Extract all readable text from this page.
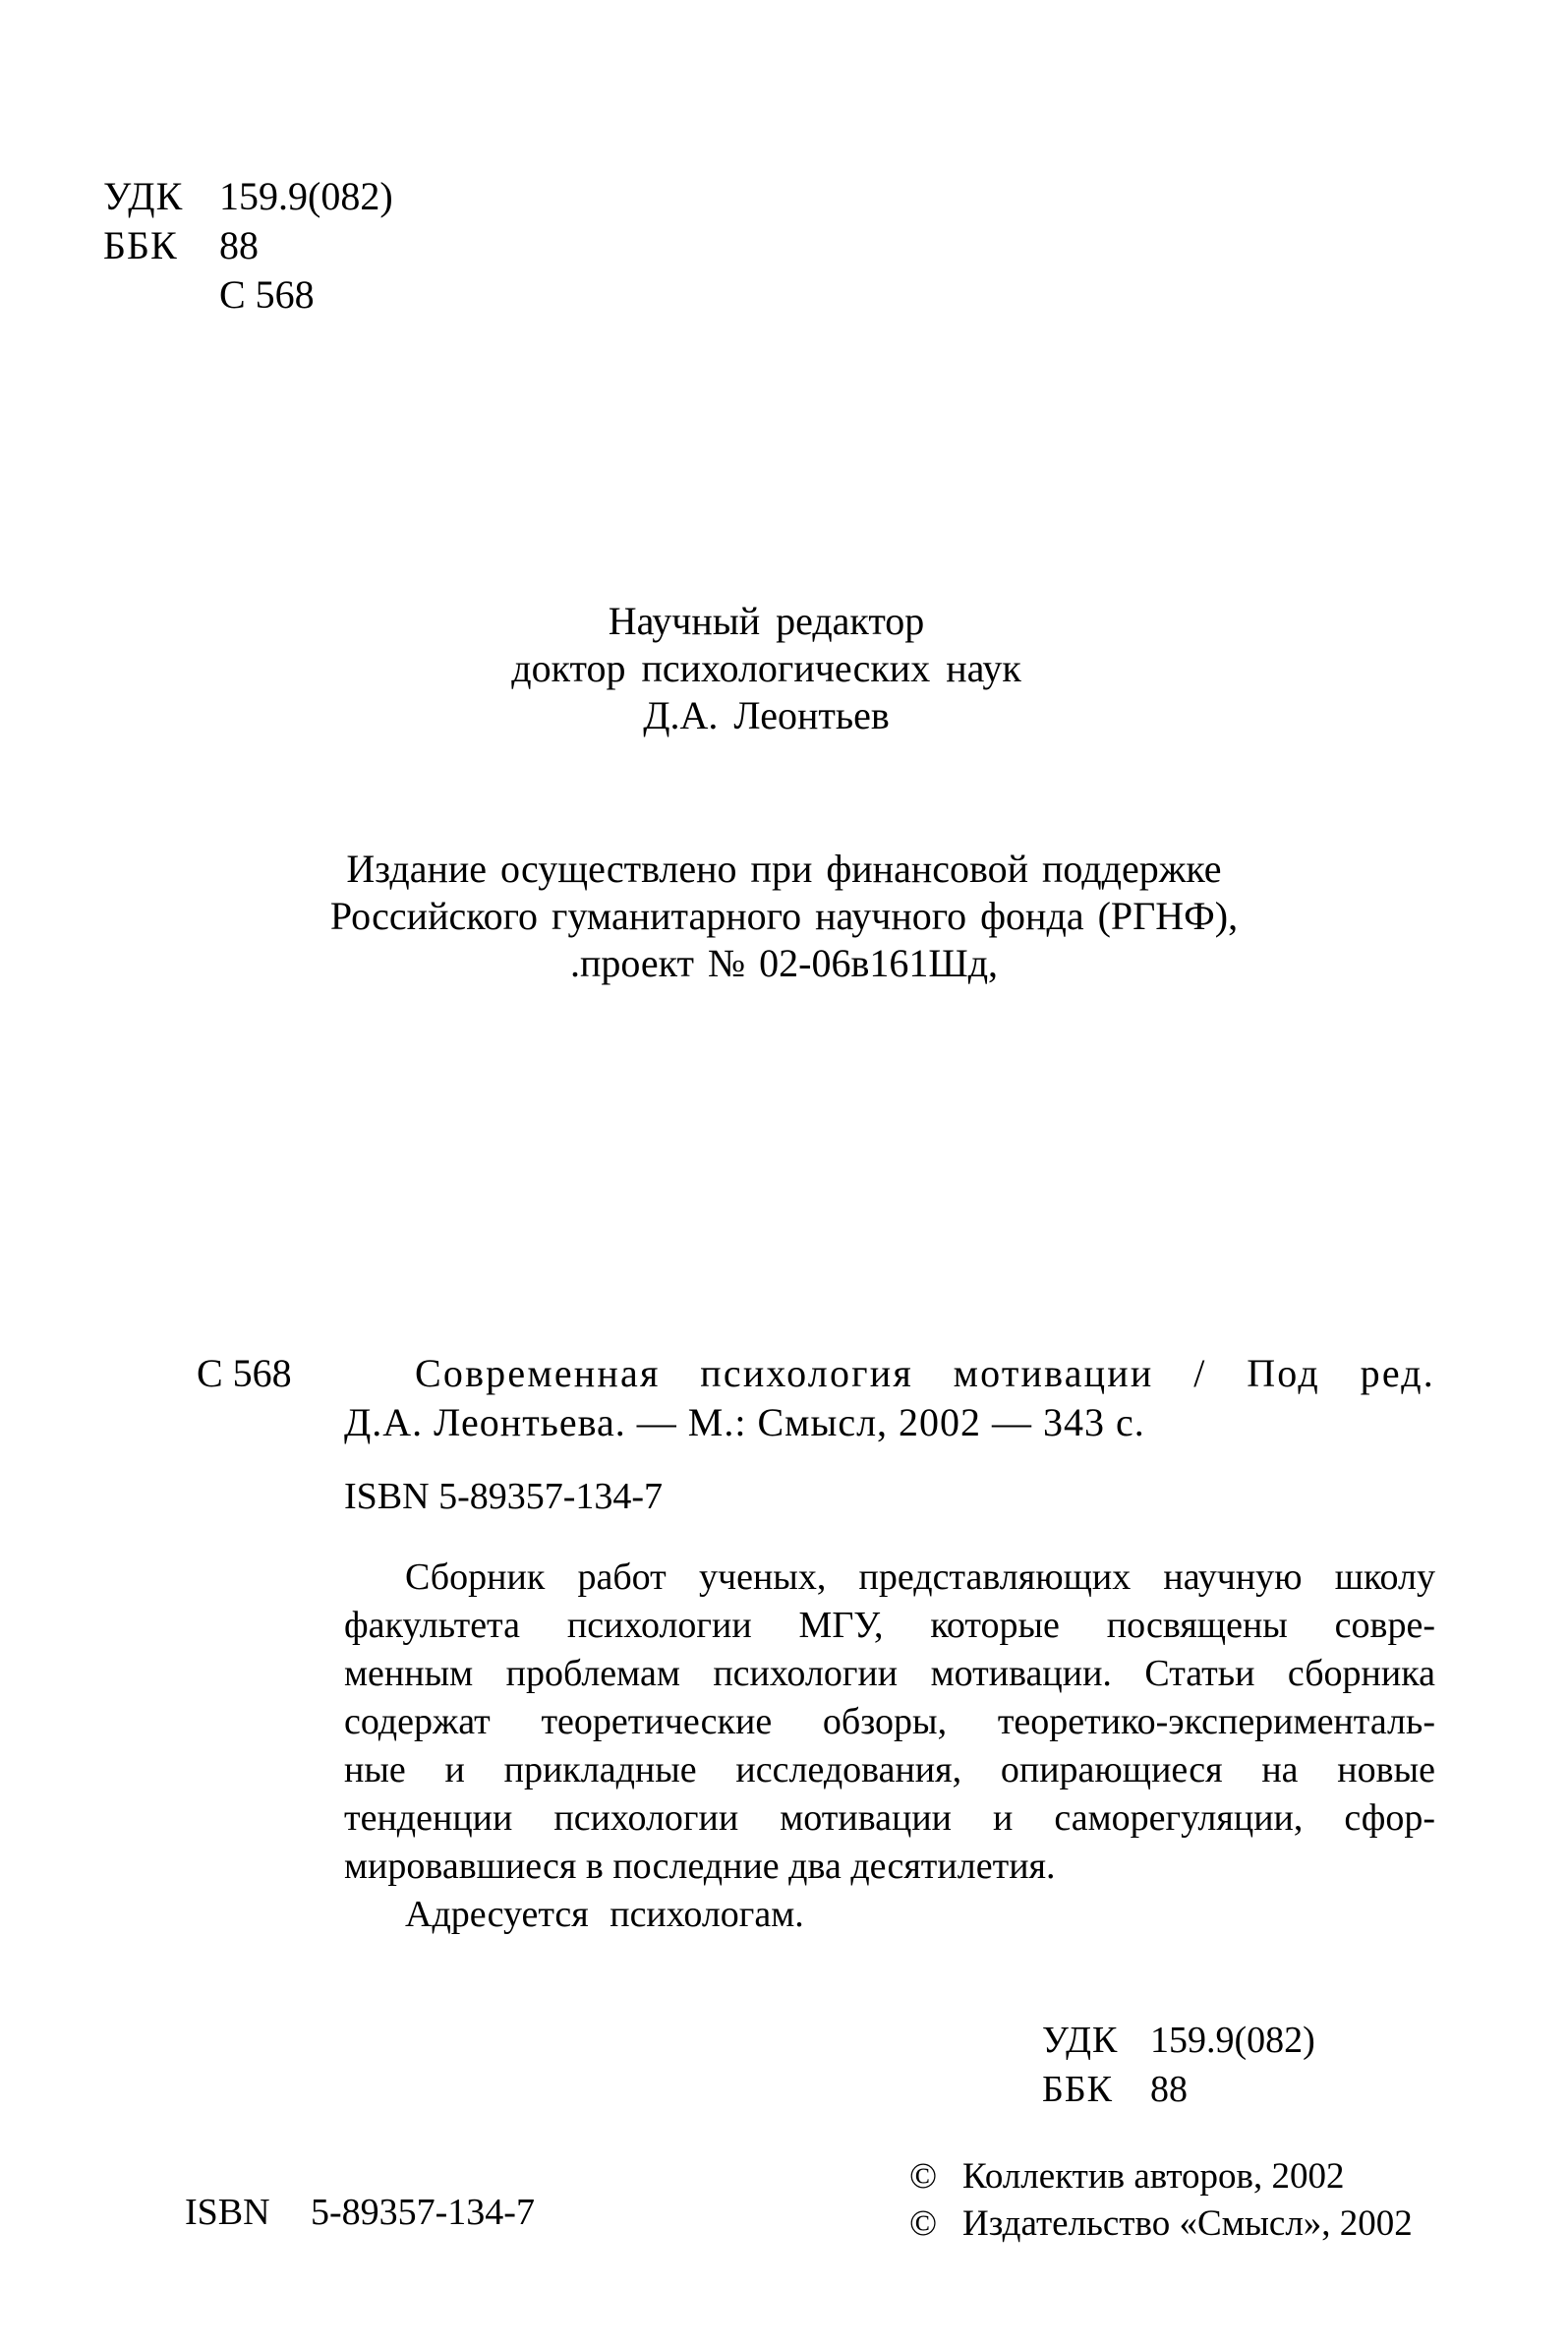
УДК 159.9(082)
ББК	88
С 568
Научный редактор
доктор психологических наук
Д.А. Леонтьев
Издание осуществлено при финансовой поддержке
Российского гуманитарного научного фонда (РГНФ),
.проект № 02-06в161Шд,
С 568	Современная психология мотивации / Под ред.
Д.А. Леонтьева. — М.: Смысл, 2002 — 343 с.
ISBN 5-89357-134-7
Сборник работ ученых, представляющих научную школу
факультета психологии МГУ, которые посвящены совре-
менным проблемам психологии мотивации. Статьи сборника
содержат теоретические обзоры, теоретико-эксперименталь-
ные и прикладные исследования, опирающиеся на новые
тенденции психологии мотивации и саморегуляции, сфор-
мировавшиеся в последние два десятилетия.
Адресуется психологам.
УДК 159.9(082)
ББК	88
ISBN 5-89357-134-7
© Коллектив авторов, 2002
© Издательство «Смысл», 2002
